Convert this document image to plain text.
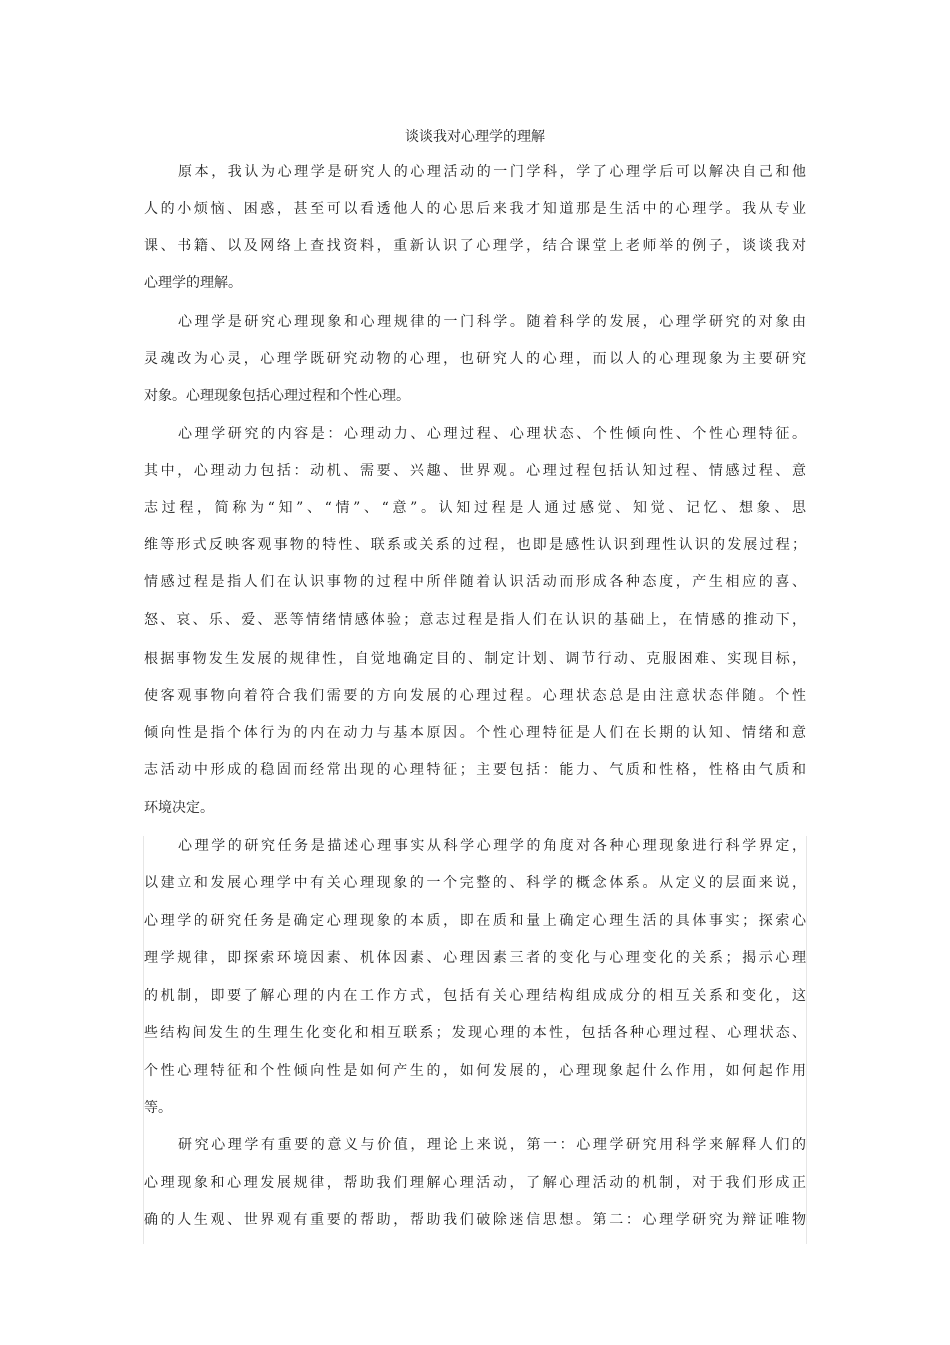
谈谈我对心理学的理解
原本，我认为心理学是研究人的心理活动的一门学科，学了心理学后可以解决自己和他
人的小烦恼、困惑，甚至可以看透他人的心思后来我才知道那是生活中的心理学。我从专业
课、书籍、以及网络上查找资料，重新认识了心理学，结合课堂上老师举的例子，谈谈我对
心理学的理解。
心理学是研究心理现象和心理规律的一门科学。随着科学的发展，心理学研究的对象由
灵魂改为心灵，心理学既研究动物的心理，也研究人的心理，而以人的心理现象为主要研究
对象。心理现象包括心理过程和个性心理。
心理学研究的内容是：心理动力、心理过程、心理状态、个性倾向性、个性心理特征。
其中，心理动力包括：动机、需要、兴趣、世界观。心理过程包括认知过程、情感过程、意
志过程，简称为“知”、“情”、“意”。认知过程是人通过感觉、知觉、记忆、想象、思
维等形式反映客观事物的特性、联系或关系的过程，也即是感性认识到理性认识的发展过程；
情感过程是指人们在认识事物的过程中所伴随着认识活动而形成各种态度，产生相应的喜、
怒、哀、乐、爱、恶等情绪情感体验；意志过程是指人们在认识的基础上，在情感的推动下，
根据事物发生发展的规律性，自觉地确定目的、制定计划、调节行动、克服困难、实现目标，
使客观事物向着符合我们需要的方向发展的心理过程。心理状态总是由注意状态伴随。个性
倾向性是指个体行为的内在动力与基本原因。个性心理特征是人们在长期的认知、情绪和意
志活动中形成的稳固而经常出现的心理特征；主要包括：能力、气质和性格，性格由气质和
环境决定。
心理学的研究任务是描述心理事实从科学心理学的角度对各种心理现象进行科学界定，
以建立和发展心理学中有关心理现象的一个完整的、科学的概念体系。从定义的层面来说，
心理学的研究任务是确定心理现象的本质，即在质和量上确定心理生活的具体事实；探索心
理学规律，即探索环境因素、机体因素、心理因素三者的变化与心理变化的关系；揭示心理
的机制，即要了解心理的内在工作方式，包括有关心理结构组成成分的相互关系和变化，这
些结构间发生的生理生化变化和相互联系；发现心理的本性，包括各种心理过程、心理状态、
个性心理特征和个性倾向性是如何产生的，如何发展的，心理现象起什么作用，如何起作用
等。
研究心理学有重要的意义与价值，理论上来说，第一：心理学研究用科学来解释人们的
心理现象和心理发展规律，帮助我们理解心理活动，了解心理活动的机制，对于我们形成正
确的人生观、世界观有重要的帮助，帮助我们破除迷信思想。第二：心理学研究为辩证唯物
